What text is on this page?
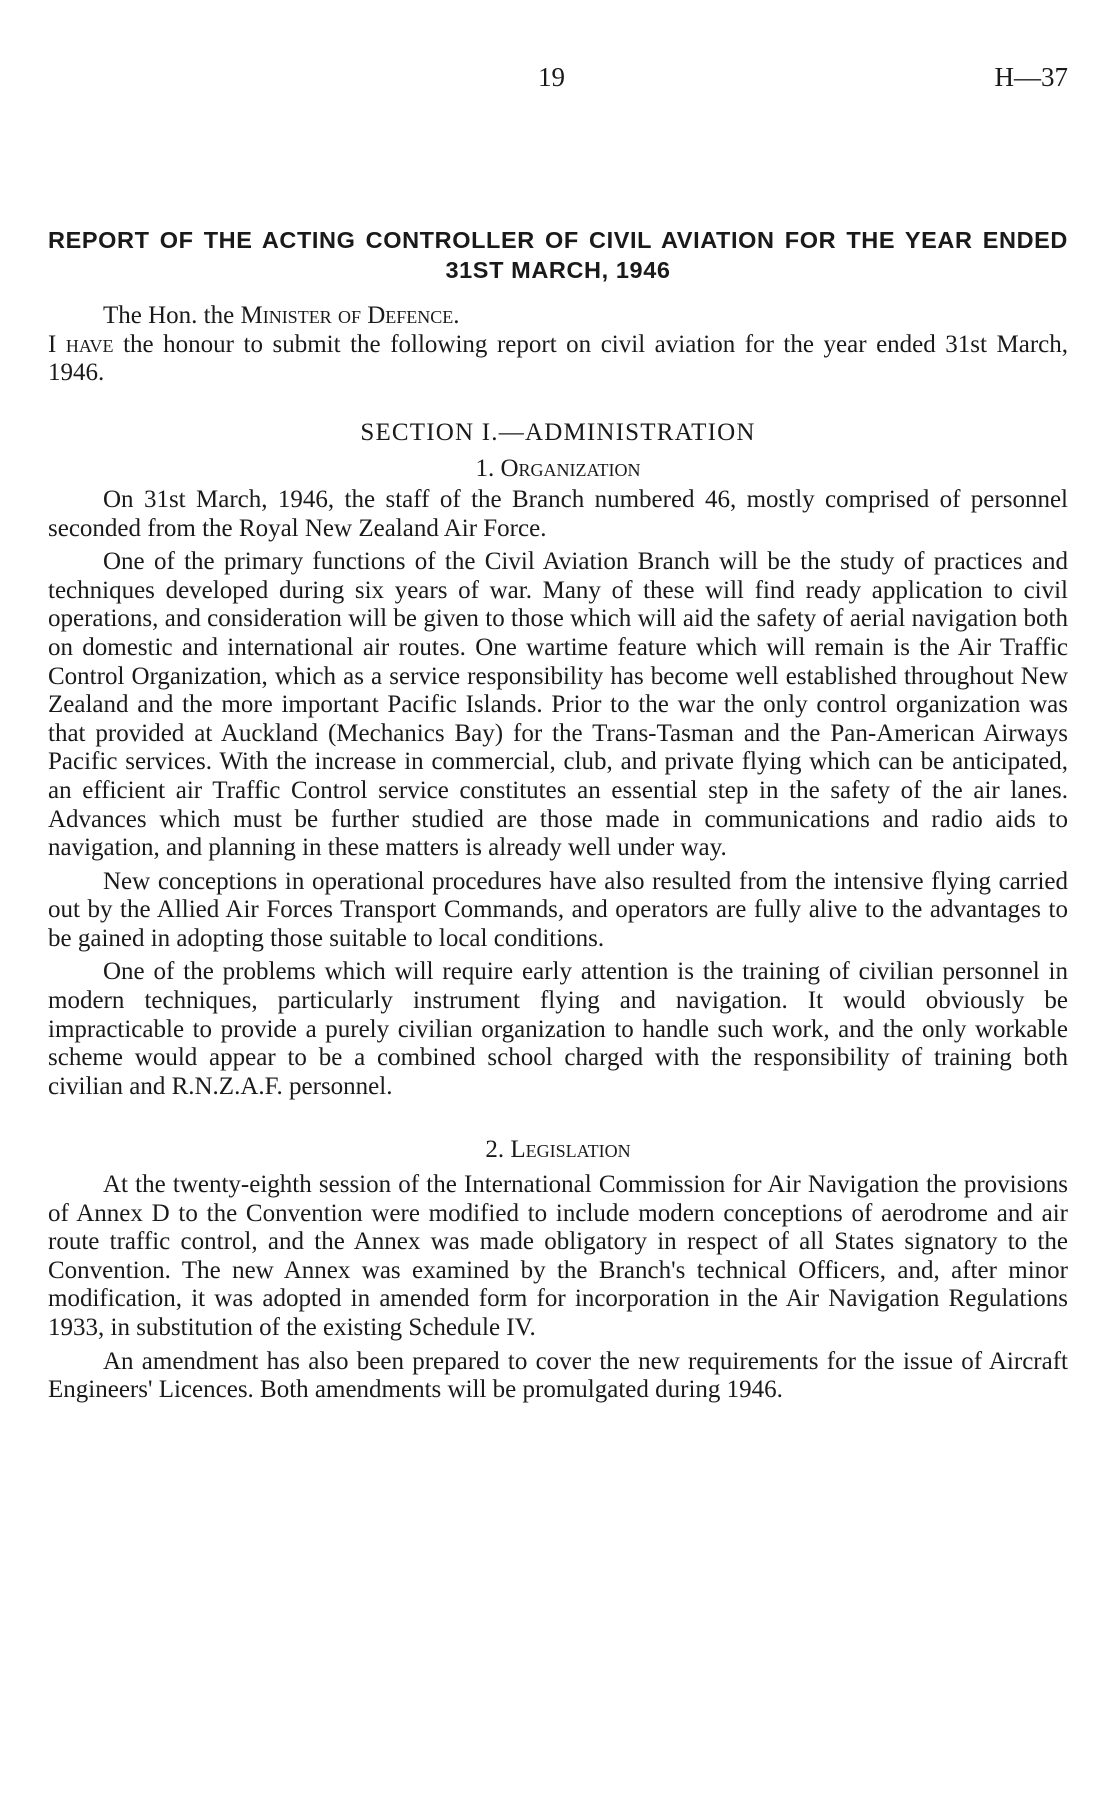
19	H—37
REPORT OF THE ACTING CONTROLLER OF CIVIL AVIATION FOR THE YEAR ENDED 31ST MARCH, 1946

The Hon. the Minister of Defence.

I have the honour to submit the following report on civil aviation for the year ended 31st March, 1946.

SECTION I.—ADMINISTRATION

1. Organization

On 31st March, 1946, the staff of the Branch numbered 46, mostly comprised of personnel seconded from the Royal New Zealand Air Force.

One of the primary functions of the Civil Aviation Branch will be the study of practices and techniques developed during six years of war. Many of these will find ready application to civil operations, and consideration will be given to those which will aid the safety of aerial navigation both on domestic and international air routes. One wartime feature which will remain is the Air Traffic Control Organization, which as a service responsibility has become well established throughout New Zealand and the more important Pacific Islands. Prior to the war the only control organization was that provided at Auckland (Mechanics Bay) for the Trans-Tasman and the Pan-American Airways Pacific services. With the increase in commercial, club, and private flying which can be anticipated, an efficient air Traffic Control service constitutes an essential step in the safety of the air lanes. Advances which must be further studied are those made in communications and radio aids to navigation, and planning in these matters is already well under way.

New conceptions in operational procedures have also resulted from the intensive flying carried out by the Allied Air Forces Transport Commands, and operators are fully alive to the advantages to be gained in adopting those suitable to local conditions.

One of the problems which will require early attention is the training of civilian personnel in modern techniques, particularly instrument flying and navigation. It would obviously be impracticable to provide a purely civilian organization to handle such work, and the only workable scheme would appear to be a combined school charged with the responsibility of training both civilian and R.N.Z.A.F. personnel.

2. Legislation

At the twenty-eighth session of the International Commission for Air Navigation the provisions of Annex D to the Convention were modified to include modern conceptions of aerodrome and air route traffic control, and the Annex was made obligatory in respect of all States signatory to the Convention. The new Annex was examined by the Branch's technical Officers, and, after minor modification, it was adopted in amended form for incorporation in the Air Navigation Regulations 1933, in substitution of the existing Schedule IV.

An amendment has also been prepared to cover the new requirements for the issue of Aircraft Engineers' Licences. Both amendments will be promulgated during 1946.
